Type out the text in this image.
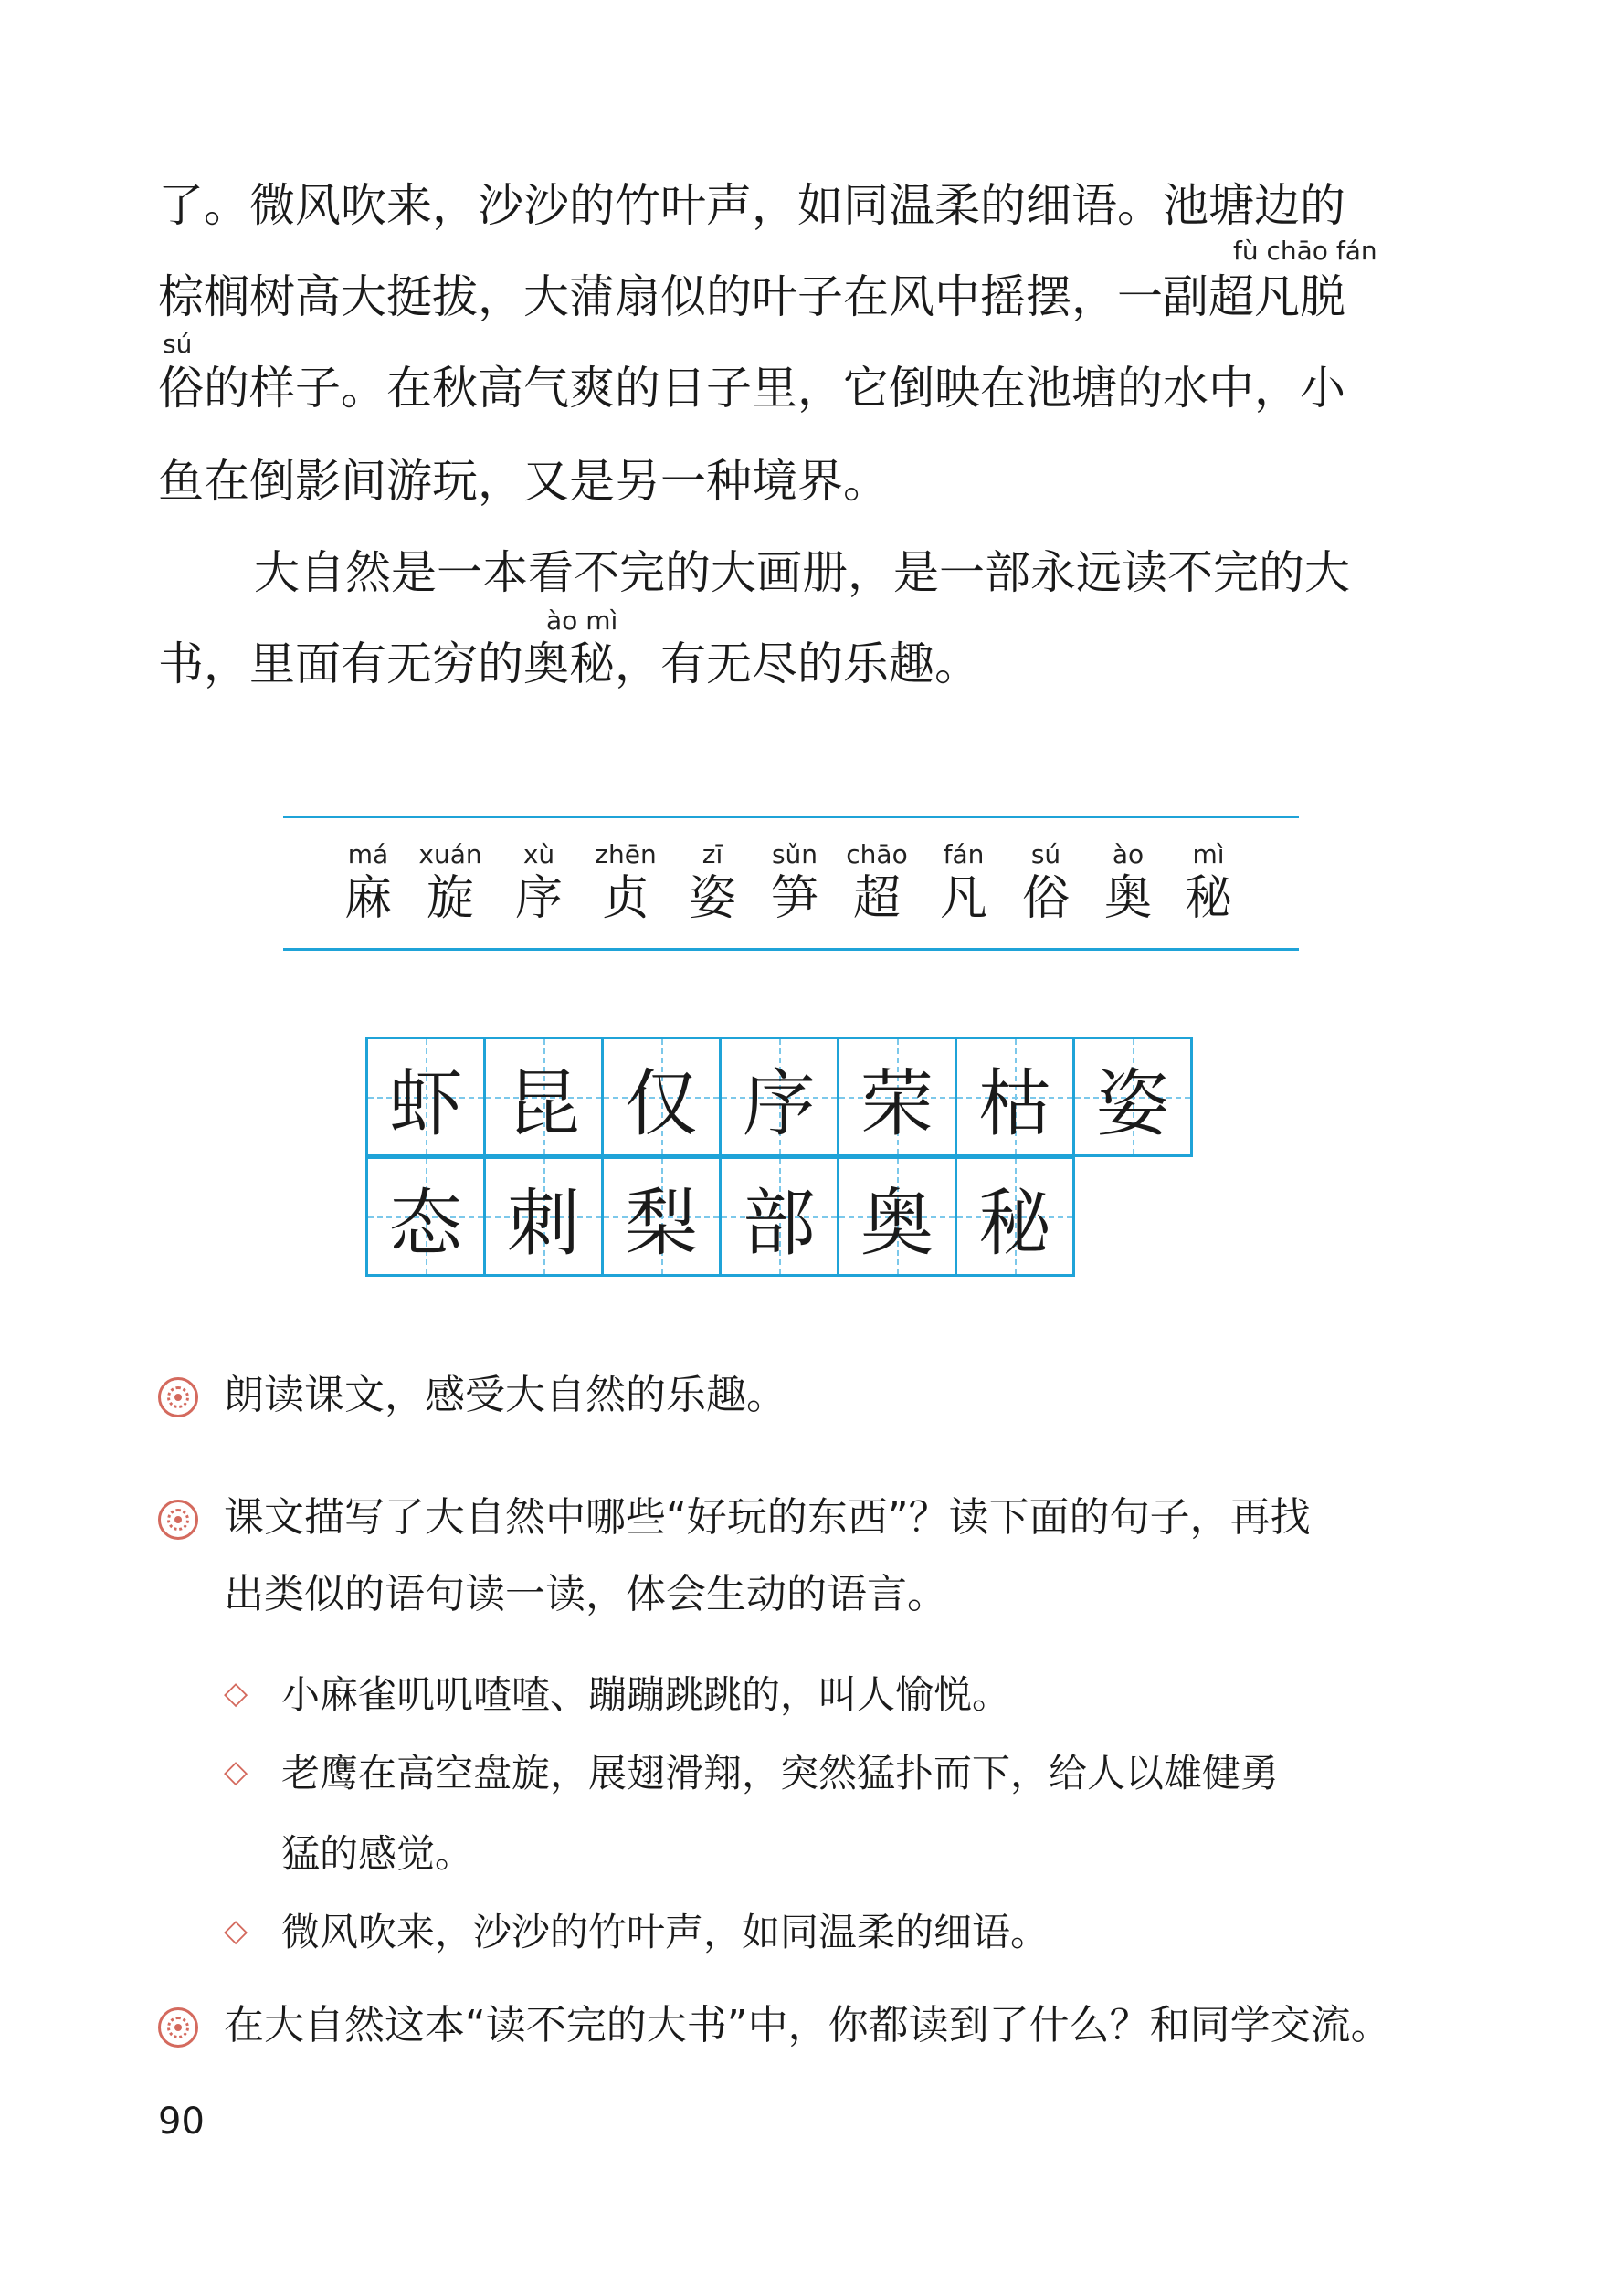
了。微风吹来，沙沙的竹叶声，如同温柔的细语。池塘边的
fù chāo fán
棕榈树高大挺拔，大蒲扇似的叶子在风中摇摆，一副超凡脱
sú
俗的样子。在秋高气爽的日子里，它倒映在池塘的水中，小
鱼在倒影间游玩，又是另一种境界。
大自然是一本看不完的大画册，是一部永远读不完的大
ào mì
书，里面有无穷的奥秘，有无尽的乐趣。
má
麻
xuán
旋
xù
序
zhēn
贞
zī
姿
sǔn
笋
chāo
超
fán
凡
sú
俗
ào
奥
mì
秘
虾 昆 仅 序 荣 枯 姿
态 刺 梨 部 奥 秘
朗读课文，感受大自然的乐趣。
课文描写了大自然中哪些“好玩的东西”？读下面的句子，再找
出类似的语句读一读，体会生动的语言。
◇ 小麻雀叽叽喳喳、蹦蹦跳跳的，叫人愉悦。
◇ 老鹰在高空盘旋，展翅滑翔，突然猛扑而下，给人以雄健勇
猛的感觉。
◇ 微风吹来，沙沙的竹叶声，如同温柔的细语。
在大自然这本“读不完的大书”中，你都读到了什么？和同学交流。
90
